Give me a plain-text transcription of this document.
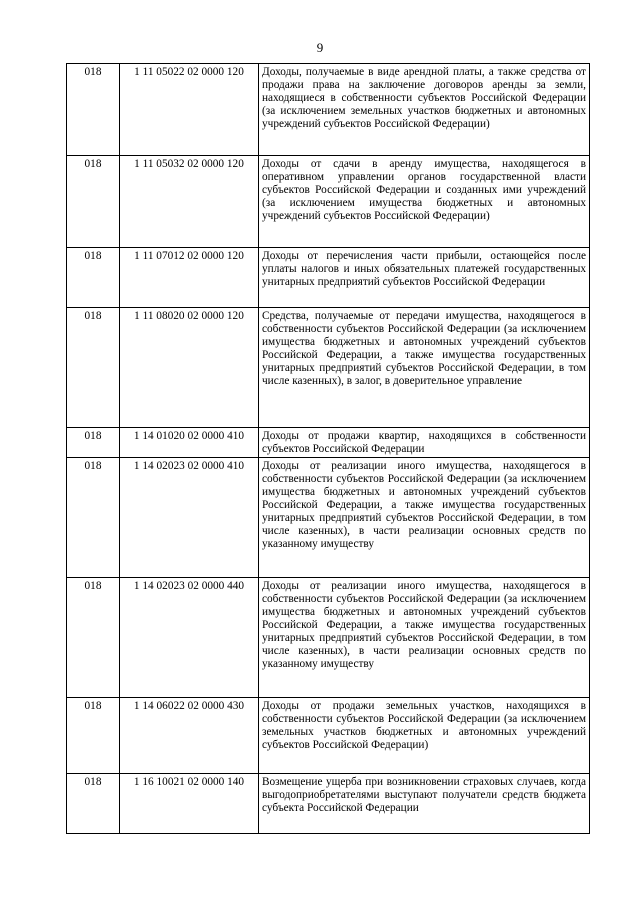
9
018	1 11 05022 02 0000 120	Доходы, получаемые в виде арендной платы, а также средства от продажи права на заключение договоров аренды за земли, находящиеся в собственности субъектов Российской Федерации (за исключением земельных участков бюджетных и автономных учреждений субъектов Российской Федерации)
018	1 11 05032 02 0000 120	Доходы от сдачи в аренду имущества, находящегося в оперативном управлении органов государственной власти субъектов Российской Федерации и созданных ими учреждений (за исключением имущества бюджетных и автономных учреждений субъектов Российской Федерации)
018	1 11 07012 02 0000 120	Доходы от перечисления части прибыли, остающейся после уплаты налогов и иных обязательных платежей государственных унитарных предприятий субъектов Российской Федерации
018	1 11 08020 02 0000 120	Средства, получаемые от передачи имущества, находящегося в собственности субъектов Российской Федерации (за исключением имущества бюджетных и автономных учреждений субъектов Российской Федерации, а также имущества государственных унитарных предприятий субъектов Российской Федерации, в том числе казенных), в залог, в доверительное управление
018	1 14 01020 02 0000 410	Доходы от продажи квартир, находящихся в собственности субъектов Российской Федерации
018	1 14 02023 02 0000 410	Доходы от реализации иного имущества, находящегося в собственности субъектов Российской Федерации (за исключением имущества бюджетных и автономных учреждений субъектов Российской Федерации, а также имущества государственных унитарных предприятий субъектов Российской Федерации, в том числе казенных), в части реализации основных средств по указанному имуществу
018	1 14 02023 02 0000 440	Доходы от реализации иного имущества, находящегося в собственности субъектов Российской Федерации (за исключением имущества бюджетных и автономных учреждений субъектов Российской Федерации, а также имущества государственных унитарных предприятий субъектов Российской Федерации, в том числе казенных), в части реализации основных средств по указанному имуществу
018	1 14 06022 02 0000 430	Доходы от продажи земельных участков, находящихся в собственности субъектов Российской Федерации (за исключением земельных участков бюджетных и автономных учреждений субъектов Российской Федерации)
018	1 16 10021 02 0000 140	Возмещение ущерба при возникновении страховых случаев, когда выгодоприобретателями выступают получатели средств бюджета субъекта Российской Федерации
